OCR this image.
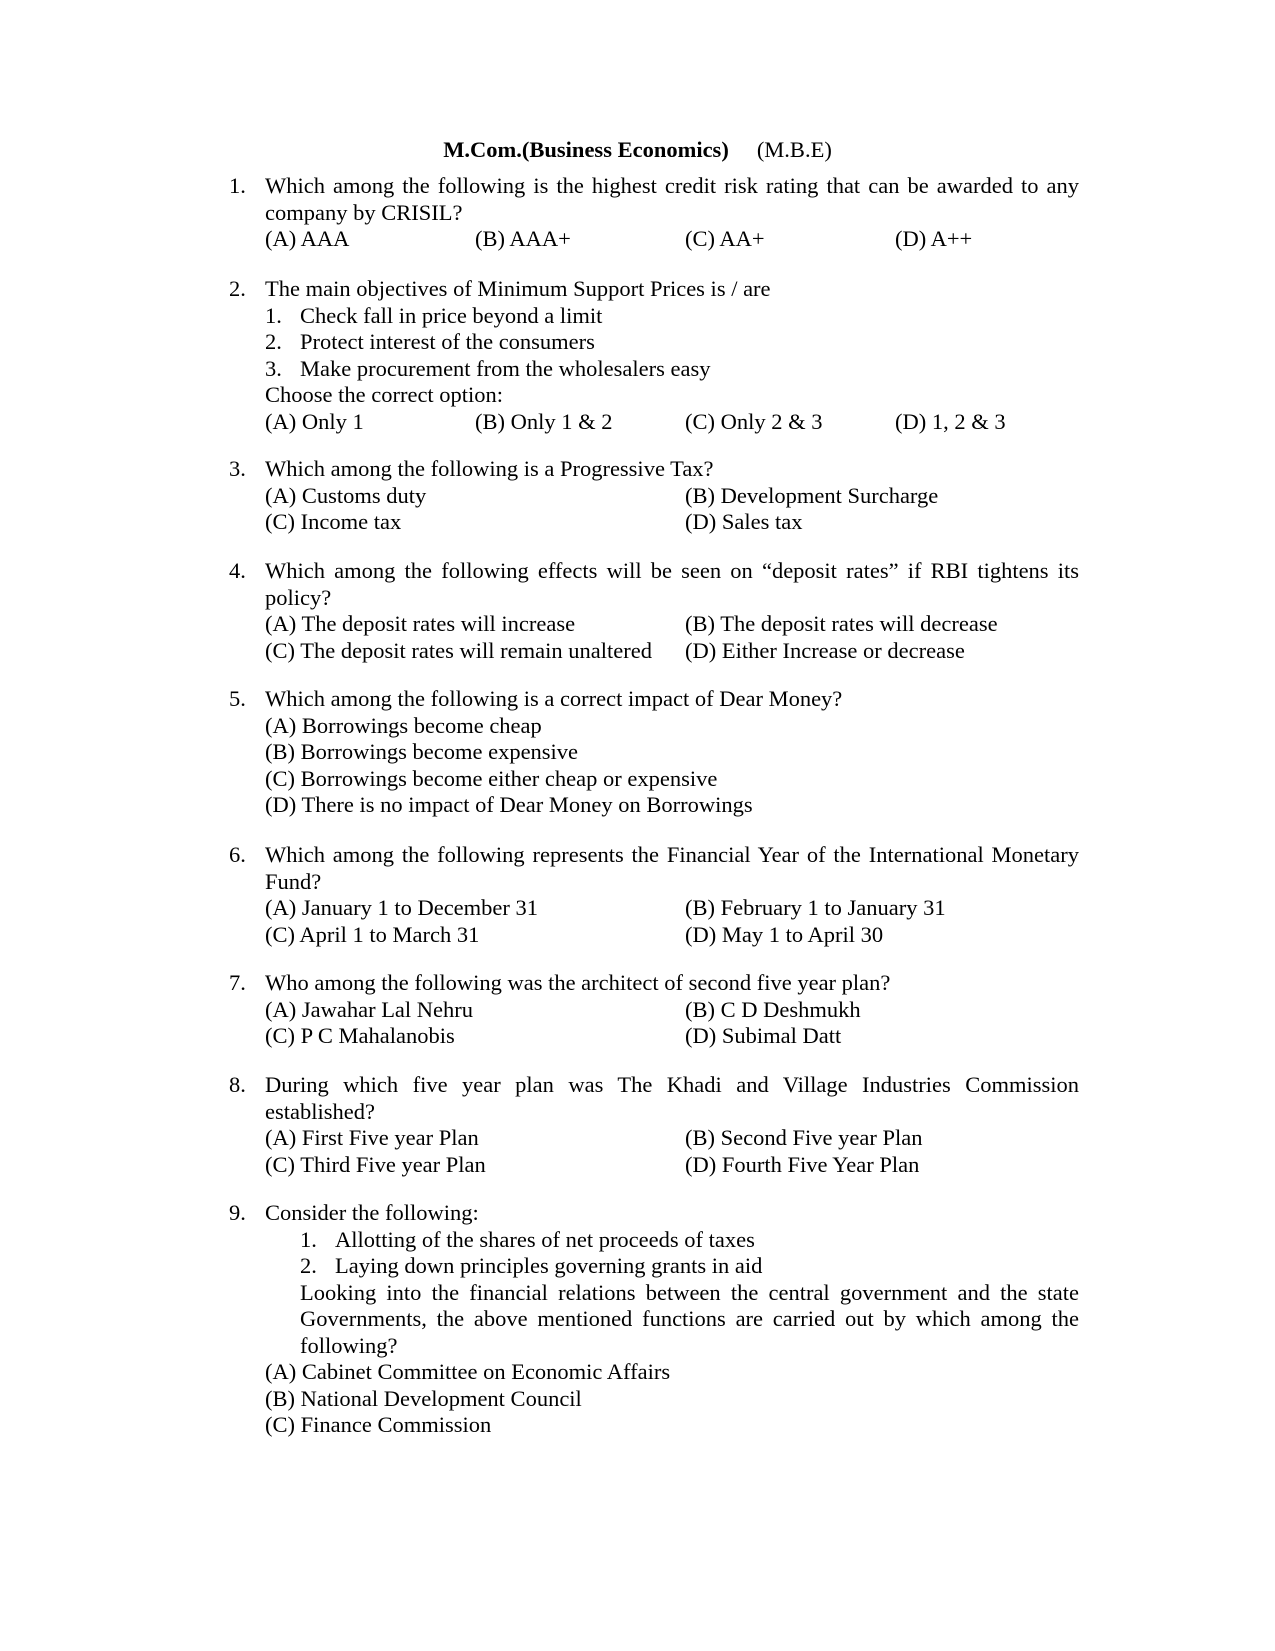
M.Com.(Business Economics) (M.B.E)
1. Which among the following is the highest credit risk rating that can be awarded to any company by CRISIL?
(A) AAA	(B) AAA+	(C) AA+	(D) A++
2. The main objectives of Minimum Support Prices is / are
1. Check fall in price beyond a limit
2. Protect interest of the consumers
3. Make procurement from the wholesalers easy
Choose the correct option:
(A) Only 1	(B) Only 1 & 2	(C) Only 2 & 3	(D) 1, 2 & 3
3. Which among the following is a Progressive Tax?
(A) Customs duty	(B) Development Surcharge
(C) Income tax	(D) Sales tax
4. Which among the following effects will be seen on “deposit rates” if RBI tightens its policy?
(A) The deposit rates will increase	(B) The deposit rates will decrease
(C) The deposit rates will remain unaltered	(D) Either Increase or decrease
5. Which among the following is a correct impact of Dear Money?
(A) Borrowings become cheap
(B) Borrowings become expensive
(C) Borrowings become either cheap or expensive
(D) There is no impact of Dear Money on Borrowings
6. Which among the following represents the Financial Year of the International Monetary Fund?
(A) January 1 to December 31	(B) February 1 to January 31
(C) April 1 to March 31	(D) May 1 to April 30
7. Who among the following was the architect of second five year plan?
(A) Jawahar Lal Nehru	(B) C D Deshmukh
(C) P C Mahalanobis	(D) Subimal Datt
8. During which five year plan was The Khadi and Village Industries Commission established?
(A) First Five year Plan	(B) Second Five year Plan
(C) Third Five year Plan	(D) Fourth Five Year Plan
9. Consider the following:
1. Allotting of the shares of net proceeds of taxes
2. Laying down principles governing grants in aid
Looking into the financial relations between the central government and the state Governments, the above mentioned functions are carried out by which among the following?
(A) Cabinet Committee on Economic Affairs
(B) National Development Council
(C) Finance Commission
